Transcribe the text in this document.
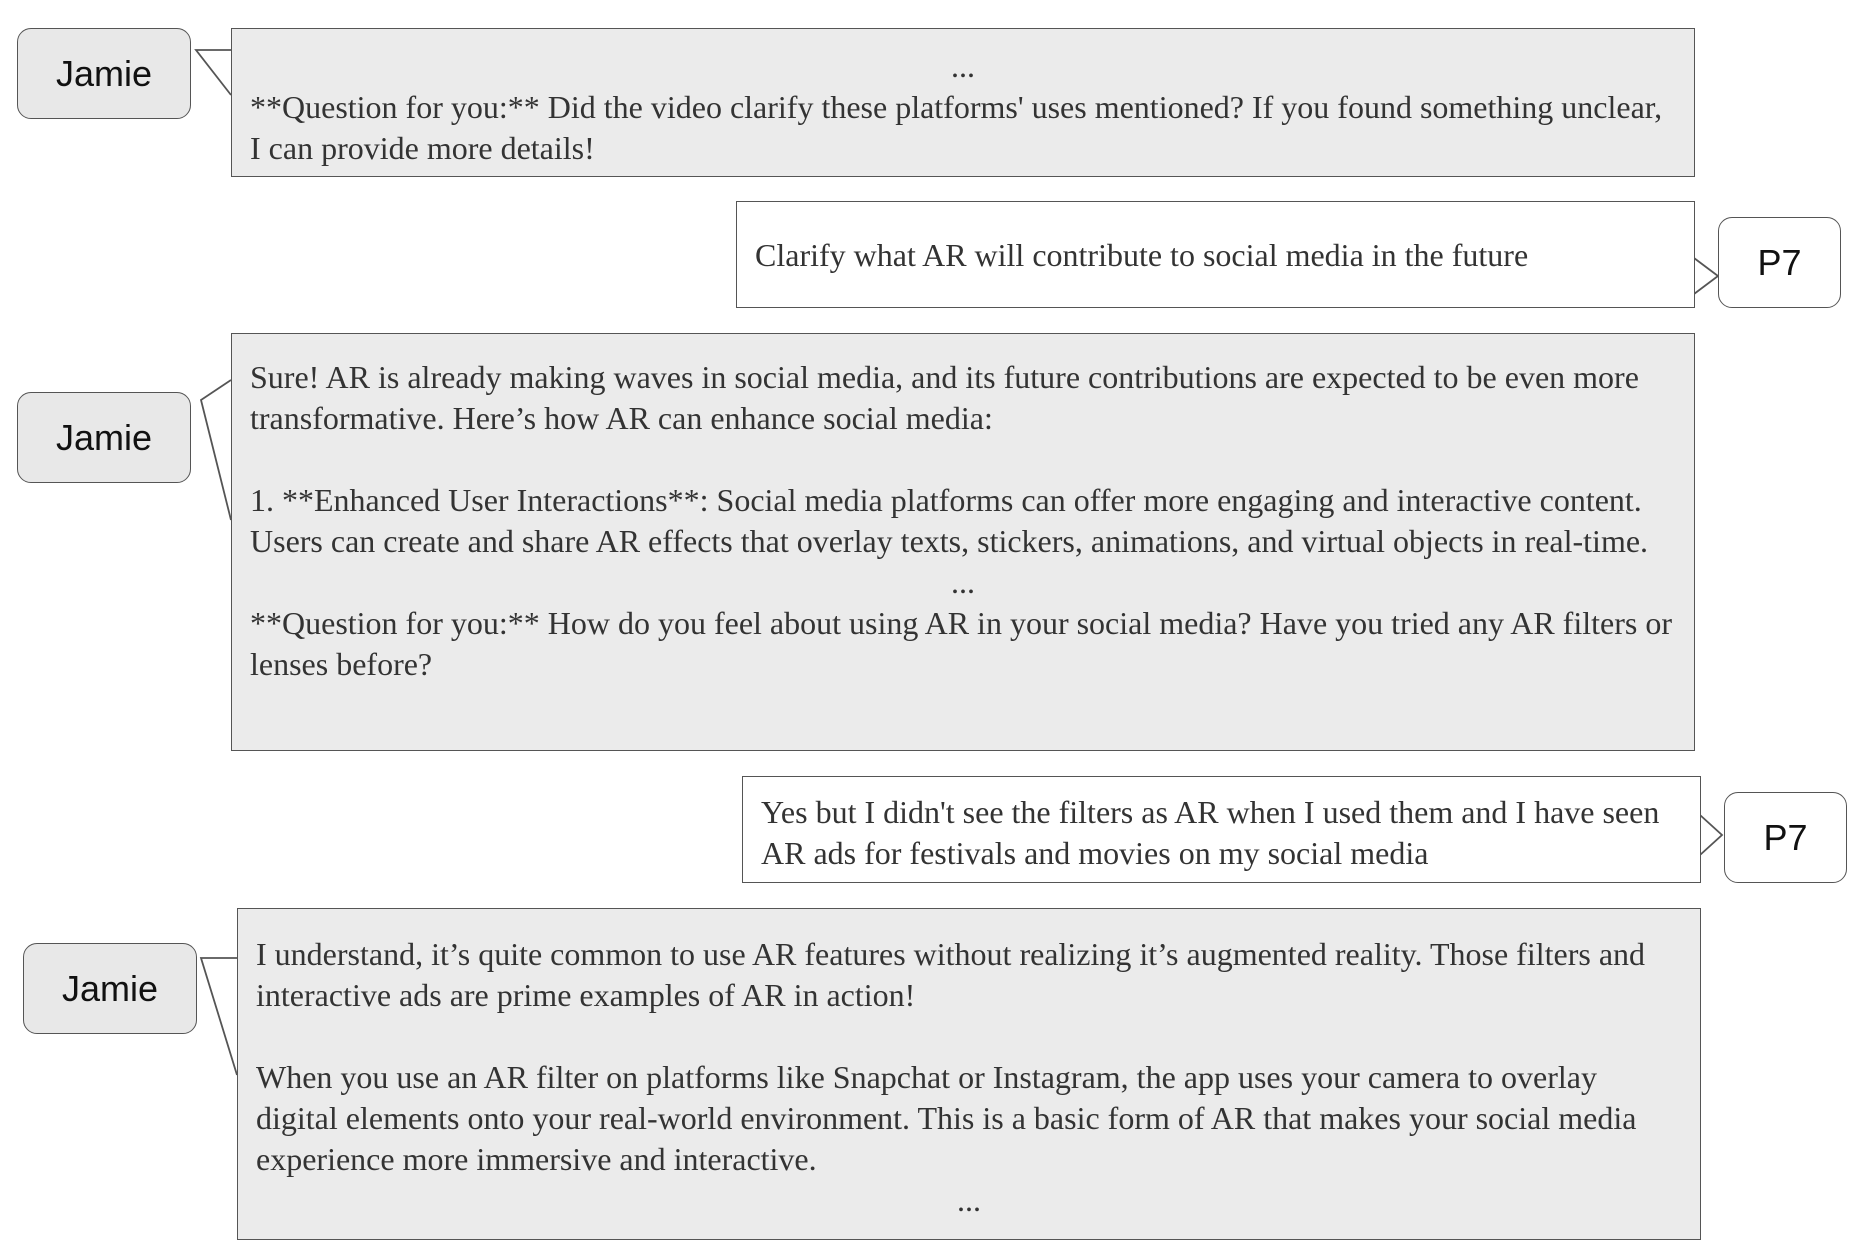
Jamie	...

**Question for you:** Did the video clarify these platforms' uses mentioned? If you found something unclear, I can provide more details!

Clarify what AR will contribute to social media in the future	P7
Jamie

Sure! AR is already making waves in social media, and its future contributions are expected to be even more transformative. Here’s how AR can enhance social media:

1. **Enhanced User Interactions**: Social media platforms can offer more engaging and interactive content. Users can create and share AR effects that overlay texts, stickers, animations, and virtual objects in real-time.

...

**Question for you:** How do you feel about using AR in your social media? Have you tried any AR filters or lenses before?

Yes but I didn't see the filters as AR when I used them and I have seen AR ads for festivals and movies on my social media	P7
Jamie

I understand, it’s quite common to use AR features without realizing it’s augmented reality. Those filters and interactive ads are prime examples of AR in action!

When you use an AR filter on platforms like Snapchat or Instagram, the app uses your camera to overlay digital elements onto your real-world environment. This is a basic form of AR that makes your social media experience more immersive and interactive.

...
